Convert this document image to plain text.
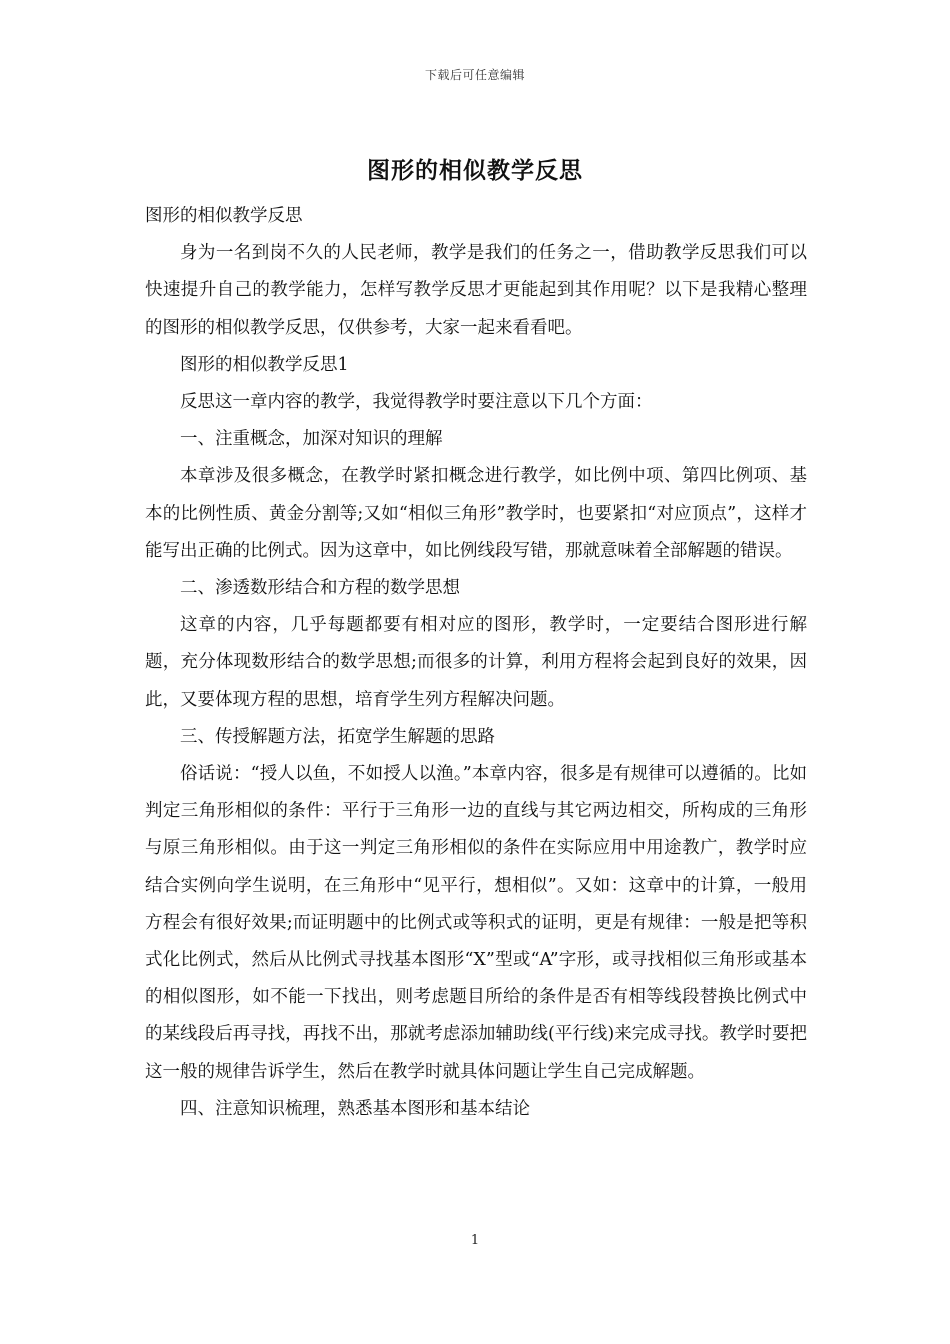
下载后可任意编辑
图形的相似教学反思

图形的相似教学反思

身为一名到岗不久的人民老师，教学是我们的任务之一，借助教学反思我们可以快速提升自己的教学能力，怎样写教学反思才更能起到其作用呢？以下是我精心整理的图形的相似教学反思，仅供参考，大家一起来看看吧。

图形的相似教学反思1

反思这一章内容的教学，我觉得教学时要注意以下几个方面：

一、注重概念，加深对知识的理解

本章涉及很多概念，在教学时紧扣概念进行教学，如比例中项、第四比例项、基本的比例性质、黄金分割等;又如“相似三角形”教学时，也要紧扣“对应顶点”，这样才能写出正确的比例式。因为这章中，如比例线段写错，那就意味着全部解题的错误。

二、渗透数形结合和方程的数学思想

这章的内容，几乎每题都要有相对应的图形，教学时，一定要结合图形进行解题，充分体现数形结合的数学思想;而很多的计算，利用方程将会起到良好的效果，因此，又要体现方程的思想，培育学生列方程解决问题。

三、传授解题方法，拓宽学生解题的思路

俗话说：“授人以鱼，不如授人以渔。”本章内容，很多是有规律可以遵循的。比如判定三角形相似的条件：平行于三角形一边的直线与其它两边相交，所构成的三角形与原三角形相似。由于这一判定三角形相似的条件在实际应用中用途教广，教学时应结合实例向学生说明，在三角形中“见平行，想相似”。又如：这章中的计算，一般用方程会有很好效果;而证明题中的比例式或等积式的证明，更是有规律：一般是把等积式化比例式，然后从比例式寻找基本图形“X”型或“A”字形，或寻找相似三角形或基本的相似图形，如不能一下找出，则考虑题目所给的条件是否有相等线段替换比例式中的某线段后再寻找，再找不出，那就考虑添加辅助线(平行线)来完成寻找。教学时要把这一般的规律告诉学生，然后在教学时就具体问题让学生自己完成解题。

四、注意知识梳理，熟悉基本图形和基本结论

1
